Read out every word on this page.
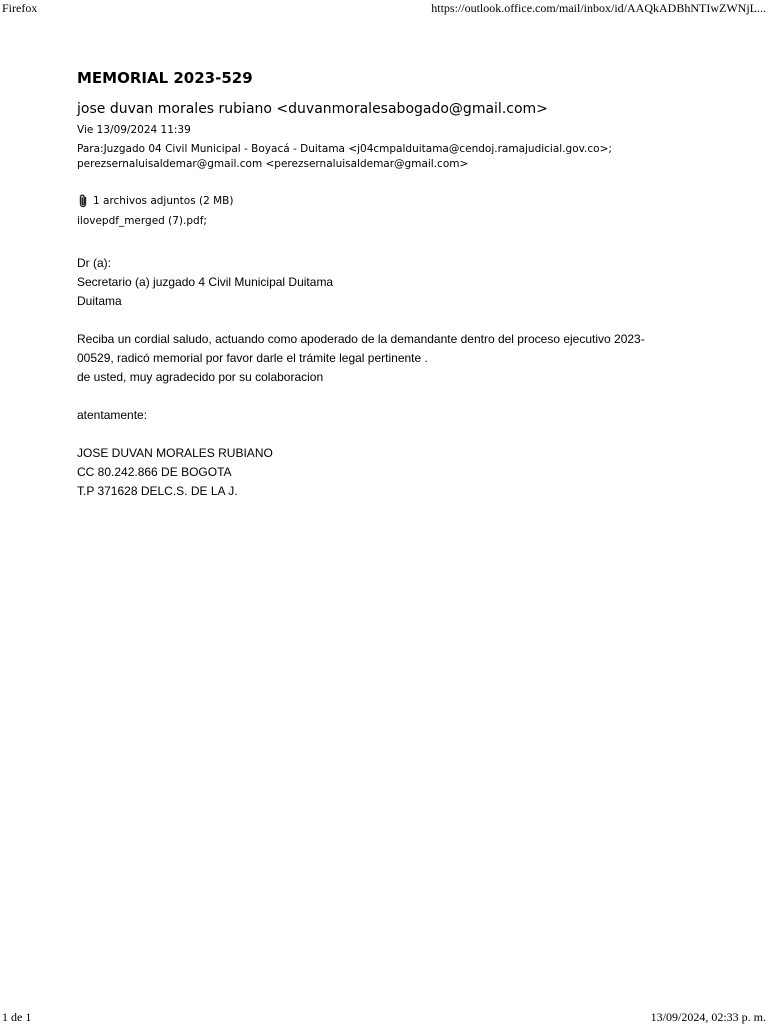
Firefox	https://outlook.office.com/mail/inbox/id/AAQkADBhNTIwZWNjL...
MEMORIAL 2023-529
jose duvan morales rubiano <duvanmoralesabogado@gmail.com>
Vie 13/09/2024 11:39
Para:Juzgado 04 Civil Municipal - Boyacá - Duitama <j04cmpalduitama@cendoj.ramajudicial.gov.co>;
perezsernaluisaldemar@gmail.com <perezsernaluisaldemar@gmail.com>
1 archivos adjuntos (2 MB)
ilovepdf_merged (7).pdf;

Dr (a):

Secretario (a) juzgado 4 Civil Municipal Duitama

Duitama

Reciba un cordial saludo, actuando como apoderado de la demandante dentro del proceso ejecutivo 2023-

00529, radicó memorial por favor darle el trámite legal pertinente .

de usted, muy agradecido por su colaboracion

atentamente:

JOSE DUVAN MORALES RUBIANO

CC 80.242.866 DE BOGOTA

T.P 371628 DELC.S. DE LA J.

1 de 1	13/09/2024, 02:33 p. m.
